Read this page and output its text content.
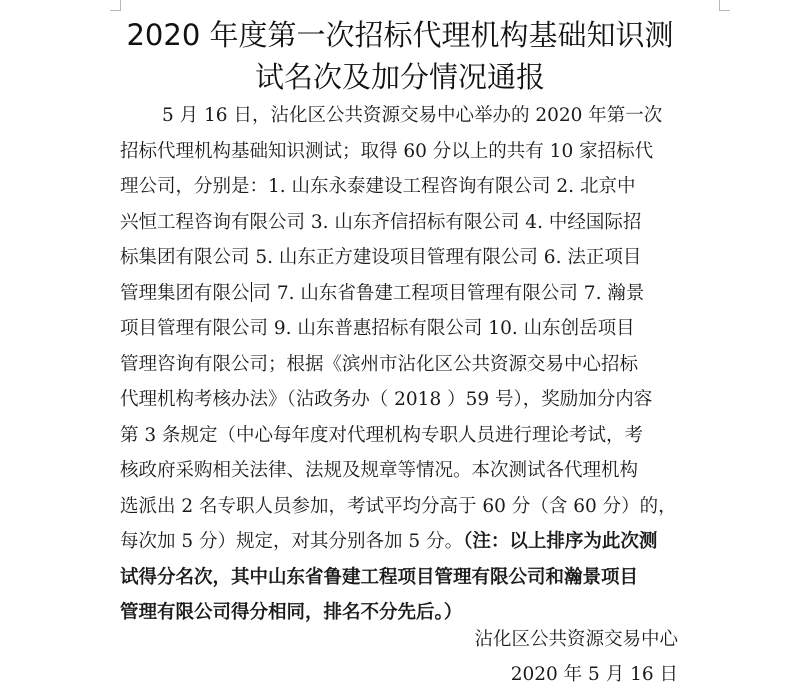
2020 年度第一次招标代理机构基础知识测
试名次及加分情况通报
5 月 16 日，沾化区公共资源交易中心举办的 2020 年第一次
招标代理机构基础知识测试；取得 60 分以上的共有 10 家招标代
理公司，分别是：1. 山东永泰建设工程咨询有限公司 2. 北京中
兴恒工程咨询有限公司 3. 山东齐信招标有限公司 4. 中经国际招
标集团有限公司 5. 山东正方建设项目管理有限公司 6. 法正项目
管理集团有限公 司 7. 山东省鲁建工程项目管理有限公司 7. 瀚景
项目管理有限公司 9. 山东普惠招标有限公司 10. 山东创岳项目
管理咨询有限公司；根据《滨州市沾化区公共资源交易中心招标
代理机构考核办法》（沾政务办（ 2018 ）59 号），奖励加分内容
第 3 条规定（中心每年度对代理机构专职人员进行理论考试，考
核政府采购相关法律、法规及规章等情况。本次测试各代理机构
选派出 2 名专职人员参加，考试平均分高于 60 分（含 60 分）的，
每次加 5 分）规定，对其分别各加 5 分。（注：以上排序为此次测
试得分名次，其中山东省鲁建工程项目管理有限公司和瀚景项目
管理有限公司得分相同，排名不分先后。）
沾化区公共资源交易中心
2020 年 5 月 16 日
